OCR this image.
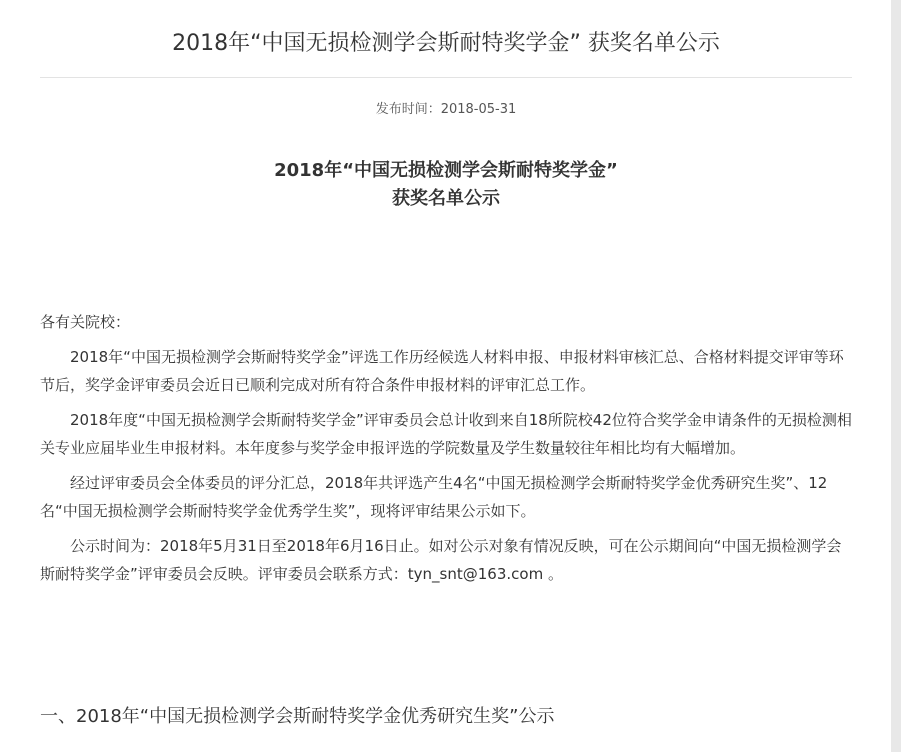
2018年“中国无损检测学会斯耐特奖学金” 获奖名单公示
发布时间：2018-05-31
2018年“中国无损检测学会斯耐特奖学金”
获奖名单公示

各有关院校：

2018年“中国无损检测学会斯耐特奖学金”评选工作历经候选人材料申报、申报材料审核汇总、合格材料提交评审等环节后，奖学金评审委员会近日已顺利完成对所有符合条件申报材料的评审汇总工作。

2018年度“中国无损检测学会斯耐特奖学金”评审委员会总计收到来自18所院校42位符合奖学金申请条件的无损检测相关专业应届毕业生申报材料。本年度参与奖学金申报评选的学院数量及学生数量较往年相比均有大幅增加。

经过评审委员会全体委员的评分汇总，2018年共评选产生4名“中国无损检测学会斯耐特奖学金优秀研究生奖”、12名“中国无损检测学会斯耐特奖学金优秀学生奖”，现将评审结果公示如下。

公示时间为：2018年5月31日至2018年6月16日止。如对公示对象有情况反映，可在公示期间向“中国无损检测学会斯耐特奖学金”评审委员会反映。评审委员会联系方式：tyn_snt@163.com 。

一、2018年“中国无损检测学会斯耐特奖学金优秀研究生奖”公示
